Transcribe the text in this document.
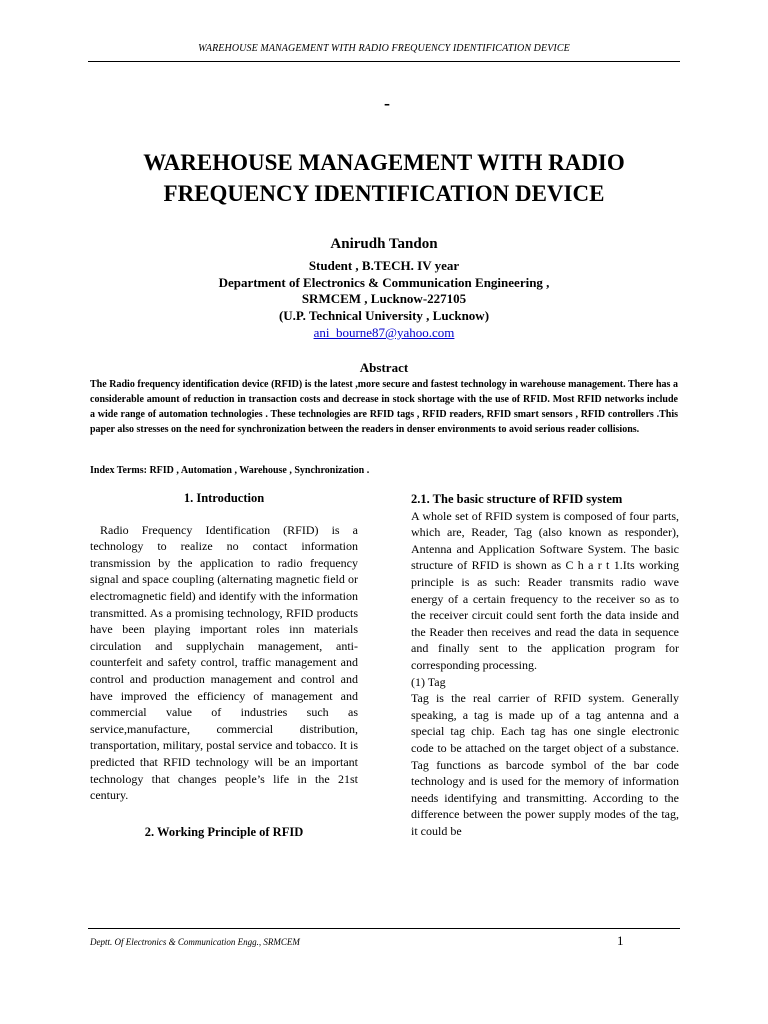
WAREHOUSE MANAGEMENT WITH RADIO FREQUENCY IDENTIFICATION DEVICE
-
WAREHOUSE MANAGEMENT WITH RADIO
FREQUENCY IDENTIFICATION DEVICE
Anirudh Tandon
Student , B.TECH. IV year
Department of Electronics & Communication Engineering ,
SRMCEM , Lucknow-227105
(U.P. Technical University , Lucknow)
ani_bourne87@yahoo.com
Abstract

The Radio frequency identification device (RFID) is the latest ,more secure and fastest technology in warehouse management. There has a considerable amount of reduction in transaction costs and decrease in stock shortage with the use of RFID. Most RFID networks include a wide range of automation technologies . These technologies are RFID tags , RFID readers, RFID smart sensors , RFID controllers .This paper also stresses on the need for synchronization between the readers in denser environments to avoid serious reader collisions.

Index Terms: RFID , Automation , Warehouse , Synchronization .

1. Introduction

Radio Frequency Identification (RFID) is a technology to realize no contact information transmission by the application to radio frequency signal and space coupling (alternating magnetic field or electromagnetic field) and identify with the information transmitted. As a promising technology, RFID products have been playing important roles inn materials circulation and supplychain management, anti-counterfeit and safety control, traffic management and control and production management and control and have improved the efficiency of management and commercial value of industries such as service,manufacture, commercial distribution, transportation, military, postal service and tobacco. It is predicted that RFID technology will be an important technology that changes people’s life in the 21st century.

2. Working Principle of RFID

2.1. The basic structure of RFID system

A whole set of RFID system is composed of four parts, which are, Reader, Tag (also known as responder), Antenna and Application Software System. The basic structure of RFID is shown as C h a r t 1.Its working principle is as such: Reader transmits radio wave energy of a certain frequency to the receiver so as to the receiver circuit could sent forth the data inside and the Reader then receives and read the data in sequence and finally sent to the application program for corresponding processing.

(1) Tag

Tag is the real carrier of RFID system. Generally speaking, a tag is made up of a tag antenna and a special tag chip. Each tag has one single electronic code to be attached on the target object of a substance. Tag functions as barcode symbol of the bar code technology and is used for the memory of information needs identifying and transmitting. According to the difference between the power supply modes of the tag, it could be

Deptt. Of Electronics & Communication Engg., SRMCEM	1
